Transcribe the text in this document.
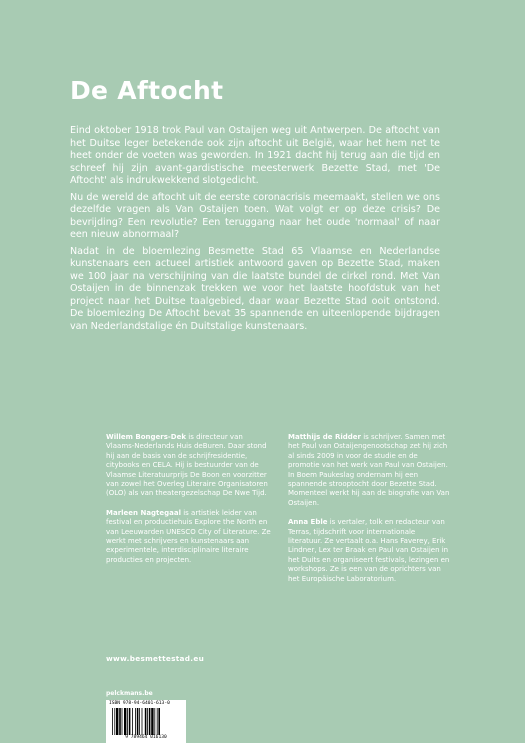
De Aftocht

Eind oktober 1918 trok Paul van Ostaijen weg uit Antwerpen. De aftocht van het Duitse leger betekende ook zijn aftocht uit België, waar het hem net te heet onder de voeten was geworden. In 1921 dacht hij terug aan die tijd en schreef hij zijn avant-gardistische meesterwerk Bezette Stad, met 'De Aftocht' als indrukwekkend slotgedicht.

Nu de wereld de aftocht uit de eerste coronacrisis meemaakt, stellen we ons dezelfde vragen als Van Ostaijen toen. Wat volgt er op deze crisis? De bevrijding? Een revolutie? Een teruggang naar het oude 'normaal' of naar een nieuw abnormaal?

Nadat in de bloemlezing Besmette Stad 65 Vlaamse en Nederlandse kunstenaars een actueel artistiek antwoord gaven op Bezette Stad, maken we 100 jaar na verschijning van die laatste bundel de cirkel rond. Met Van Ostaijen in de binnenzak trekken we voor het laatste hoofdstuk van het project naar het Duitse taalgebied, daar waar Bezette Stad ooit ontstond. De bloemlezing De Aftocht bevat 35 spannende en uiteenlopende bijdragen van Nederlandstalige én Duitstalige kunstenaars.

Willem Bongers-Dek is directeur van Vlaams-Nederlands Huis deBuren. Daar stond hij aan de basis van de schrijfresidentie, citybooks en CELA. Hij is bestuurder van de Vlaamse Literatuurprijs De Boon en voorzitter van zowel het Overleg Literaire Organisatoren (OLO) als van theatergezelschap De Nwe Tijd.

Marleen Nagtegaal is artistiek leider van festival en productiehuis Explore the North en van Leeuwarden UNESCO City of Literature. Ze werkt met schrijvers en kunstenaars aan experimentele, interdisciplinaire literaire producties en projecten.

Matthijs de Ridder is schrijver. Samen met het Paul van Ostaijengenootschap zet hij zich al sinds 2009 in voor de studie en de promotie van het werk van Paul van Ostaijen. In Boem Paukeslag ondernam hij een spannende strooptocht door Bezette Stad. Momenteel werkt hij aan de biografie van Van Ostaijen.

Anna Eble is vertaler, tolk en redacteur van Terras, tijdschrift voor internationale literatuur. Ze vertaalt o.a. Hans Faverey, Erik Lindner, Lex ter Braak en Paul van Ostaijen in het Duits en organiseert festivals, lezingen en workshops. Ze is een van de oprichters van het Europäische Laboratorium.

www.besmettestad.eu
pelckmans.be
ISBN 978-94-6401-613-0
9 789464 016130
